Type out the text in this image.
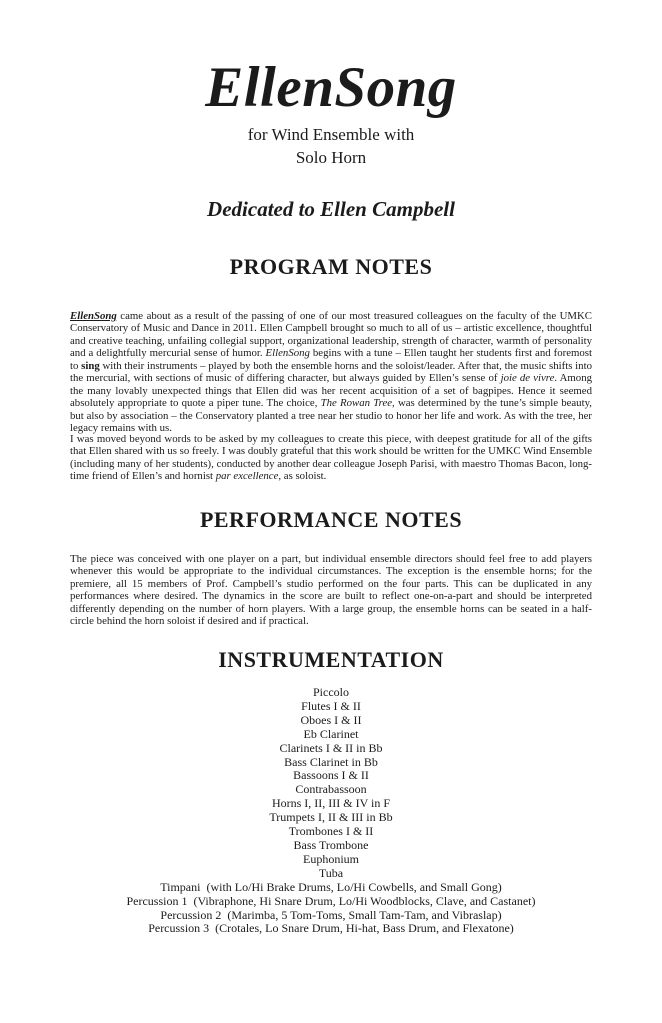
EllenSong
for Wind Ensemble with
Solo Horn
Dedicated to Ellen Campbell
PROGRAM NOTES

EllenSong came about as a result of the passing of one of our most treasured colleagues on the faculty of the UMKC Conservatory of Music and Dance in 2011. Ellen Campbell brought so much to all of us – artistic excellence, thoughtful and creative teaching, unfailing collegial support, organizational leadership, strength of character, warmth of personality and a delightfully mercurial sense of humor. EllenSong begins with a tune – Ellen taught her students first and foremost to sing with their instruments – played by both the ensemble horns and the soloist/leader. After that, the music shifts into the mercurial, with sections of music of differing character, but always guided by Ellen’s sense of joie de vivre. Among the many lovably unexpected things that Ellen did was her recent acquisition of a set of bagpipes. Hence it seemed absolutely appropriate to quote a piper tune. The choice, The Rowan Tree, was determined by the tune’s simple beauty, but also by association – the Conservatory planted a tree near her studio to honor her life and work. As with the tree, her legacy remains with us.

I was moved beyond words to be asked by my colleagues to create this piece, with deepest gratitude for all of the gifts that Ellen shared with us so freely. I was doubly grateful that this work should be written for the UMKC Wind Ensemble (including many of her students), conducted by another dear colleague Joseph Parisi, with maestro Thomas Bacon, long-time friend of Ellen’s and hornist par excellence, as soloist.

PERFORMANCE NOTES

The piece was conceived with one player on a part, but individual ensemble directors should feel free to add players whenever this would be appropriate to the individual circumstances. The exception is the ensemble horns; for the premiere, all 15 members of Prof. Campbell’s studio performed on the four parts. This can be duplicated in any performances where desired. The dynamics in the score are built to reflect one-on-a-part and should be interpreted differently depending on the number of horn players. With a large group, the ensemble horns can be seated in a half-circle behind the horn soloist if desired and if practical.

INSTRUMENTATION
Piccolo
Flutes I & II
Oboes I & II
Eb Clarinet
Clarinets I & II in Bb
Bass Clarinet in Bb
Bassoons I & II
Contrabassoon
Horns I, II, III & IV in F
Trumpets I, II & III in Bb
Trombones I & II
Bass Trombone
Euphonium
Tuba
Timpani  (with Lo/Hi Brake Drums, Lo/Hi Cowbells, and Small Gong)
Percussion 1  (Vibraphone, Hi Snare Drum, Lo/Hi Woodblocks, Clave, and Castanet)
Percussion 2  (Marimba, 5 Tom-Toms, Small Tam-Tam, and Vibraslap)
Percussion 3  (Crotales, Lo Snare Drum, Hi-hat, Bass Drum, and Flexatone)
